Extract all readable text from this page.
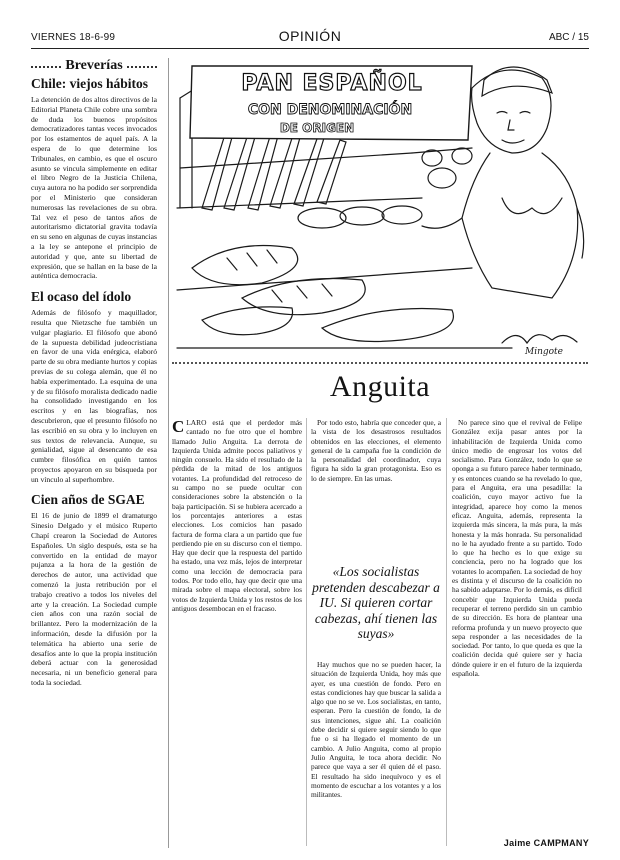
VIERNES 18-6-99	OPINIÓN	ABC / 15
Breverías
Chile: viejos hábitos

La detención de dos altos directivos de la Editorial Planeta Chile cobre una sombra de duda los buenos propósitos democratizadores tantas veces invocados por los estamentos de aquel país. A la espera de lo que determine los Tribunales, en cambio, es que el oscuro asunto se vincula simplemente en editar el libro Negro de la Justicia Chilena, cuya autora no ha podido ser sorprendida por el Ministerio que consideran numerosas las revelaciones de su obra. Tal vez el peso de tantos años de autoritarismo dictatorial gravita todavía en su seno en algunas de cuyas instancias a la ley se antepone el principio de autoridad y que, ante su libertad de expresión, que se hallan en la base de la auténtica democracia.

El ocaso del ídolo

Además de filósofo y maquillador, resulta que Nietzsche fue también un vulgar plagiario. El filósofo que abonó de la supuesta debilidad judeocristiana en favor de una vida enérgica, elaboró parte de su obra mediante hurtos y copias previas de su colega alemán, que él no había experimentado. La esquina de una y de su filósofo moralista dedicado nadie ha consolidado investigando en los escritos y en las biografías, nos descubrieron, que el presunto filósofo no las escribió en su obra y lo incluyen en sus textos de relevancia. Aunque, su genialidad, sigue al desencanto de esa cumbre filosófica en quién tantos proyectos apoyaron en su búsqueda por un vínculo al superhombre.

Cien años de SGAE

El 16 de junio de 1899 el dramaturgo Sinesio Delgado y el músico Ruperto Chapí crearon la Sociedad de Autores Españoles. Un siglo después, esta se ha convertido en la entidad de mayor pujanza a la hora de la gestión de derechos de autor, una actividad que comenzó la justa retribución por el trabajo creativo a todos los niveles del arte y la creación. La Sociedad cumple cien años con una razón social de brillantez. Pero la modernización de la información, desde la difusión por la telemática ha abierto una serie de desafíos ante lo que la propia institución deberá actuar con la generosidad necesaria, ni un beneficio general para toda la sociedad.

PAN ESPAÑOL
CON DENOMINACIÓN
DE ORIGEN
Mingote
Anguita
CLARO está que el perdedor más cantado no fue otro que el hombre llamado Julio Anguita. La derrota de Izquierda Unida admite pocos paliativos y ningún consuelo. Ha sido el resultado de la pérdida de la mitad de los antiguos votantes. La profundidad del retroceso de su campo no se puede ocultar con consideraciones sobre la abstención o la baja participación. Si se hubiera acercado a los porcentajes anteriores a estas elecciones. Los comicios han pasado factura de forma clara a un partido que fue perdiendo pie en su discurso con el tiempo. Hay que decir que la respuesta del partido ha estado, una vez más, lejos de interpretar como una lección de democracia para todos. Por todo ello, hay que decir que una mirada sobre el mapa electoral, sobre los votos de Izquierda Unida y los restos de los antiguos desembocan en el fracaso.

Por todo esto, habría que conceder que, a la vista de los desastrosos resultados obtenidos en las elecciones, el elemento general de la campaña fue la condición de la personalidad del coordinador, cuya figura ha sido la gran protagonista. Eso es lo de siempre. En las urnas.

«Los socialistas pretenden descabezar a IU. Si quieren cortar cabezas, ahí tienen las suyas»

Hay muchos que no se pueden hacer, la situación de Izquierda Unida, hoy más que ayer, es una cuestión de fondo. Pero en estas condiciones hay que buscar la salida a algo que no se ve. Los socialistas, en tanto, esperan. Pero la cuestión de fondo, la de sus intenciones, sigue ahí. La coalición debe decidir si quiere seguir siendo lo que fue o si ha llegado el momento de un cambio. A Julio Anguita, como al propio Julio Anguita, le toca ahora decidir. No parece que vaya a ser él quien dé el paso. El resultado ha sido inequívoco y es el momento de escuchar a los votantes y a los militantes.

No parece sino que el revival de Felipe González exija pasar antes por la inhabilitación de Izquierda Unida como único medio de engrosar los votos del socialismo. Para González, todo lo que se oponga a su futuro parece haber terminado, y es entonces cuando se ha revelado lo que, para el Anguita, era una pesadilla: la coalición, cuyo mayor activo fue la integridad, aparece hoy como la menos eficaz. Anguita, además, representa la izquierda más sincera, la más pura, la más honesta y la más honrada. Su personalidad no le ha ayudado frente a su partido. Todo lo que ha hecho es lo que exige su conciencia, pero no ha logrado que los votantes lo acompañen. La sociedad de hoy es distinta y el discurso de la coalición no ha sabido adaptarse. Por lo demás, es difícil concebir que Izquierda Unida pueda recuperar el terreno perdido sin un cambio de su dirección. Es hora de plantear una reforma profunda y un nuevo proyecto que sepa responder a las necesidades de la sociedad. Por tanto, lo que queda es que la coalición decida qué quiere ser y hacia dónde quiere ir en el futuro de la izquierda española.

Jaime CAMPMANY
